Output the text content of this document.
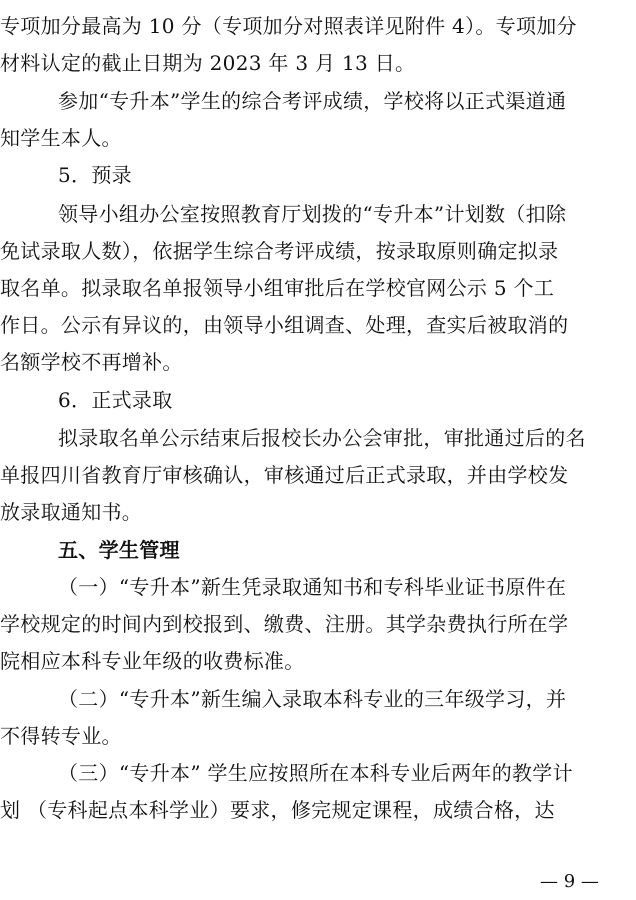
专项加分最高为 10 分（专项加分对照表详见附件 4）。专项加分
材料认定的截止日期为 2023 年 3 月 13 日。
参加“专升本”学生的综合考评成绩，学校将以正式渠道通
知学生本人。
5．预录
领导小组办公室按照教育厅划拨的“专升本”计划数（扣除
免试录取人数），依据学生综合考评成绩，按录取原则确定拟录
取名单。拟录取名单报领导小组审批后在学校官网公示 5 个工
作日。公示有异议的，由领导小组调查、处理，查实后被取消的
名额学校不再增补。
6．正式录取
拟录取名单公示结束后报校长办公会审批，审批通过后的名
单报四川省教育厅审核确认，审核通过后正式录取，并由学校发
放录取通知书。
五、学生管理
（一）“专升本”新生凭录取通知书和专科毕业证书原件在
学校规定的时间内到校报到、缴费、注册。其学杂费执行所在学
院相应本科专业年级的收费标准。
（二）“专升本”新生编入录取本科专业的三年级学习，并
不得转专业。
（三）“专升本” 学生应按照所在本科专业后两年的教学计
划 （专科起点本科学业）要求，修完规定课程，成绩合格，达
— 9 —
